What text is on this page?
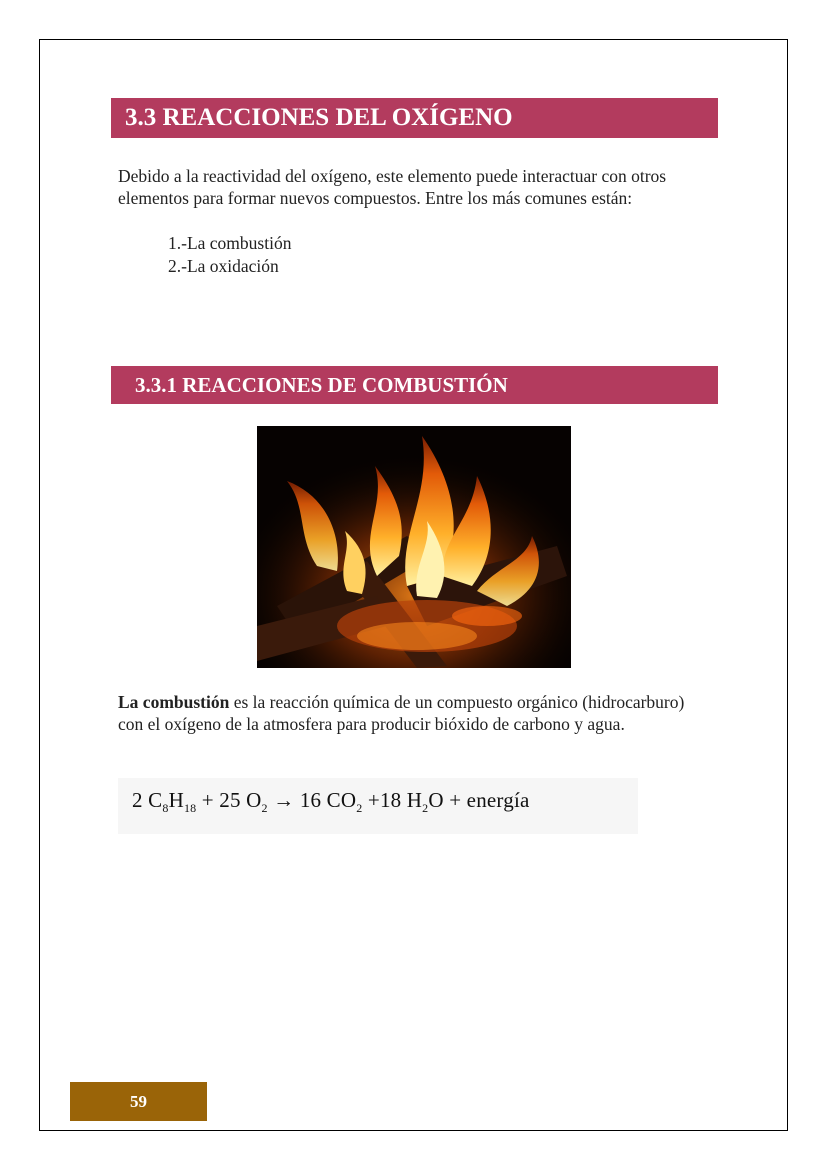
3.3 REACCIONES DEL OXÍGENO

Debido a la reactividad del oxígeno, este elemento puede interactuar con otros elementos para formar nuevos compuestos. Entre los más comunes están:

1.-La combustión
2.-La oxidación
3.3.1 REACCIONES DE COMBUSTIÓN

La combustión es la reacción química de un compuesto orgánico (hidrocarburo) con el oxígeno de la atmosfera para producir bióxido de carbono y agua.

2 $C_8H_{18} + 25$ $O_2 \to 16$ $CO_2 +18$ $H_2O$ + energía
59
